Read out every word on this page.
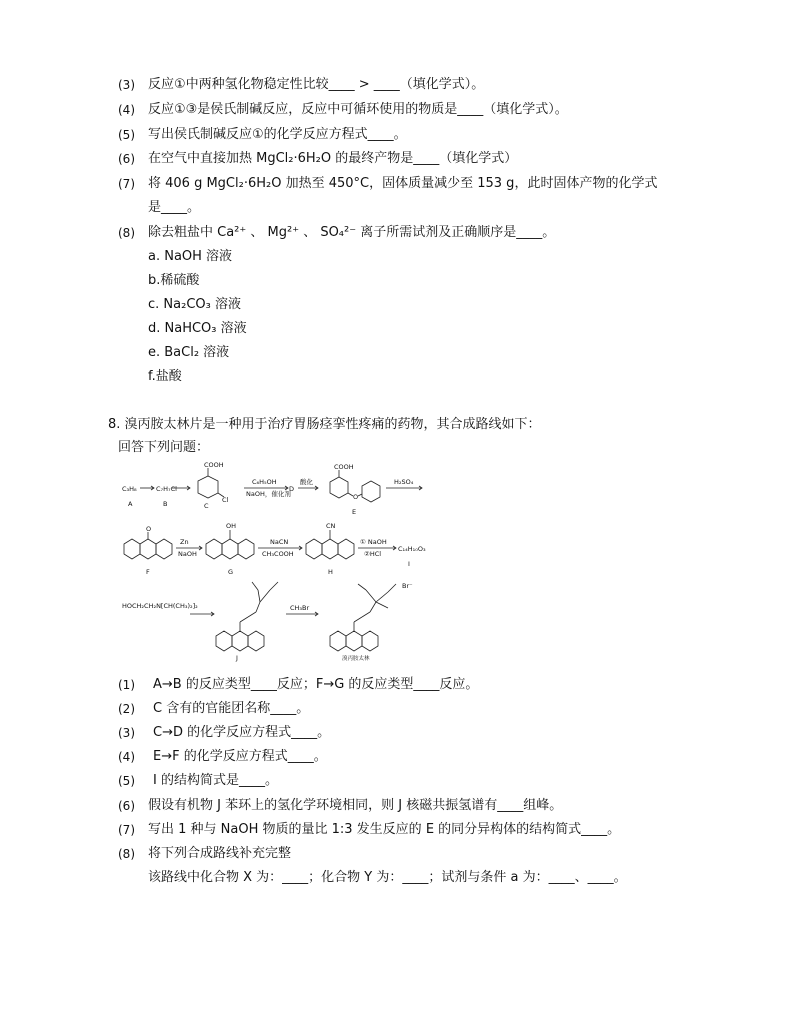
(3) 反应①中两种氢化物稳定性比较____ > ____（填化学式）。
(4) 反应①③是侯氏制碱反应，反应中可循环使用的物质是____（填化学式）。
(5) 写出侯氏制碱反应①的化学反应方程式____。
(6) 在空气中直接加热 MgCl₂·6H₂O 的最终产物是____（填化学式）
(7) 将 406 g MgCl₂·6H₂O 加热至 450°C，固体质量减少至 153 g，此时固体产物的化学式
是____。
(8) 除去粗盐中 Ca²⁺ 、 Mg²⁺ 、 SO₄²⁻ 离子所需试剂及正确顺序是____。
a. NaOH 溶液
b.稀硫酸
c. Na₂CO₃ 溶液
d. NaHCO₃ 溶液
e. BaCl₂ 溶液
f.盐酸
8. 溴丙胺太林片是一种用于治疗胃肠痉挛性疼痛的药物，其合成路线如下：
回答下列问题：
C₃H₈	C₇H₇Cl
A	B
COOH
Cl
C
C₆H₅OH
NaOH，催化剂
D
酸化
COOH
O
E
H₂SO₄
O
F
Zn
NaOH
OH
G
NaCN
CH₃COOH
CN
H
① NaOH
②HCl
C₁₄H₁₀O₃
I
HOCH₂CH₂N[CH(CH₃)₂]₂
J
CH₃Br
Br⁻
溴丙胺太林
(1) A→B 的反应类型____反应；F→G 的反应类型____反应。
(2) C 含有的官能团名称____。
(3) C→D 的化学反应方程式____。
(4) E→F 的化学反应方程式____。
(5) I 的结构简式是____。
(6) 假设有机物 J 苯环上的氢化学环境相同，则 J 核磁共振氢谱有____组峰。
(7) 写出 1 种与 NaOH 物质的量比 1:3 发生反应的 E 的同分异构体的结构简式____。
(8) 将下列合成路线补充完整
该路线中化合物 X 为：____；化合物 Y 为：____；试剂与条件 a 为：____、____。
